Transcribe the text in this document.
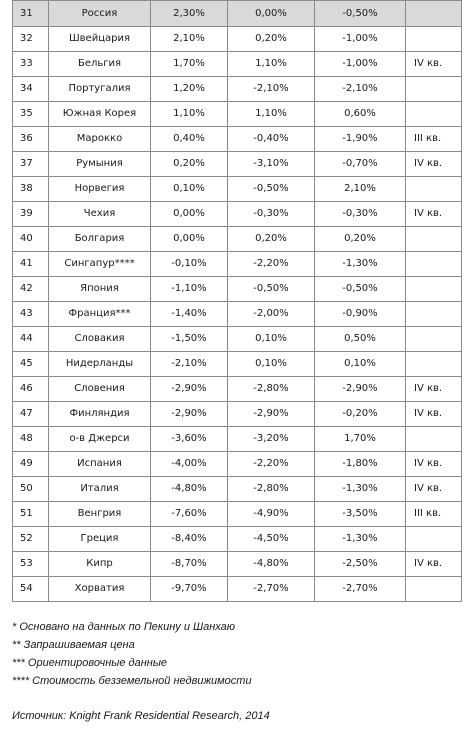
31	Россия	2,30%	0,00%	-0,50%	
32	Швейцария	2,10%	0,20%	-1,00%	
33	Бельгия	1,70%	1,10%	-1,00%	IV кв.
34	Португалия	1,20%	-2,10%	-2,10%	
35	Южная Корея	1,10%	1,10%	0,60%	
36	Марокко	0,40%	-0,40%	-1,90%	III кв.
37	Румыния	0,20%	-3,10%	-0,70%	IV кв.
38	Норвегия	0,10%	-0,50%	2,10%	
39	Чехия	0,00%	-0,30%	-0,30%	IV кв.
40	Болгария	0,00%	0,20%	0,20%	
41	Сингапур****	-0,10%	-2,20%	-1,30%	
42	Япония	-1,10%	-0,50%	-0,50%	
43	Франция***	-1,40%	-2,00%	-0,90%	
44	Словакия	-1,50%	0,10%	0,50%	
45	Нидерланды	-2,10%	0,10%	0,10%	
46	Словения	-2,90%	-2,80%	-2,90%	IV кв.
47	Финляндия	-2,90%	-2,90%	-0,20%	IV кв.
48	о-в Джерси	-3,60%	-3,20%	1,70%	
49	Испания	-4,00%	-2,20%	-1,80%	IV кв.
50	Италия	-4,80%	-2,80%	-1,30%	IV кв.
51	Венгрия	-7,60%	-4,90%	-3,50%	III кв.
52	Греция	-8,40%	-4,50%	-1,30%	
53	Кипр	-8,70%	-4,80%	-2,50%	IV кв.
54	Хорватия	-9,70%	-2,70%	-2,70%	
* Основано на данных по Пекину и Шанхаю
** Запрашиваемая цена
*** Ориентировочные данные
**** Стоимость безземельной недвижимости
Источник: Knight Frank Residential Research, 2014
